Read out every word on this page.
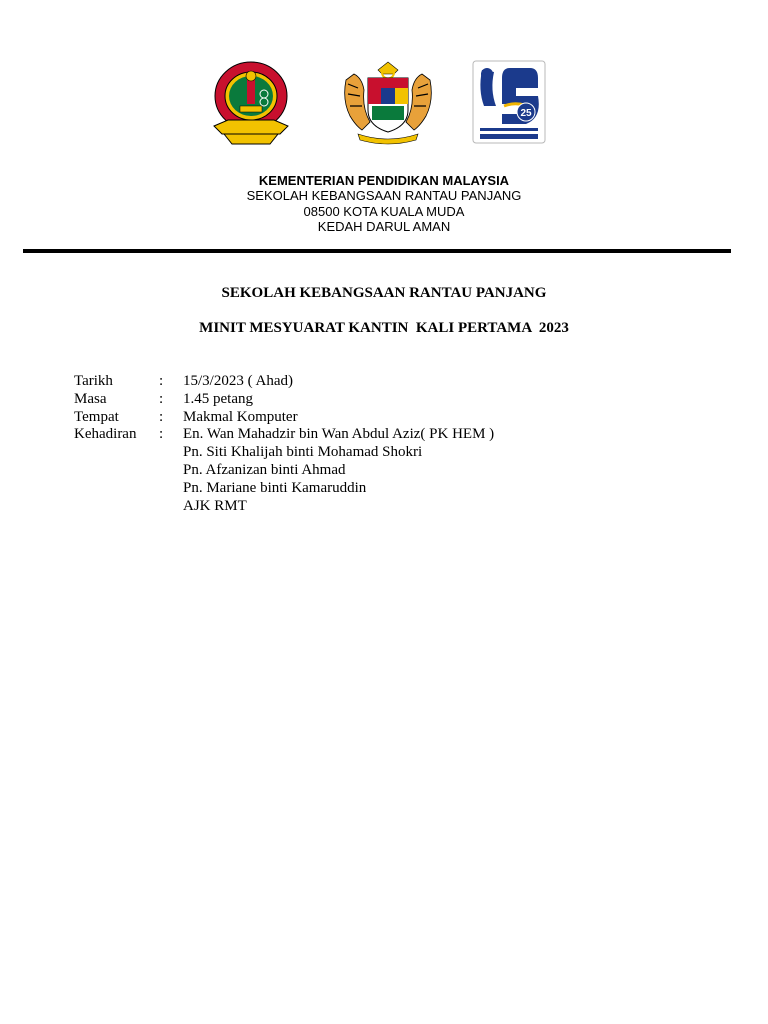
25
KEMENTERIAN PENDIDIKAN MALAYSIA
SEKOLAH KEBANGSAAN RANTAU PANJANG
08500 KOTA KUALA MUDA
KEDAH DARUL AMAN
SEKOLAH KEBANGSAAN RANTAU PANJANG
MINIT MESYUARAT KANTIN  KALI PERTAMA  2023
Tarikh	:	15/3/2023 ( Ahad)
Masa	:	1.45 petang
Tempat	:	Makmal Komputer
Kehadiran	:	En. Wan Mahadzir bin Wan Abdul Aziz( PK HEM )
Pn. Siti Khalijah binti Mohamad Shokri
Pn. Afzanizan binti Ahmad
Pn. Mariane binti Kamaruddin
AJK RMT
